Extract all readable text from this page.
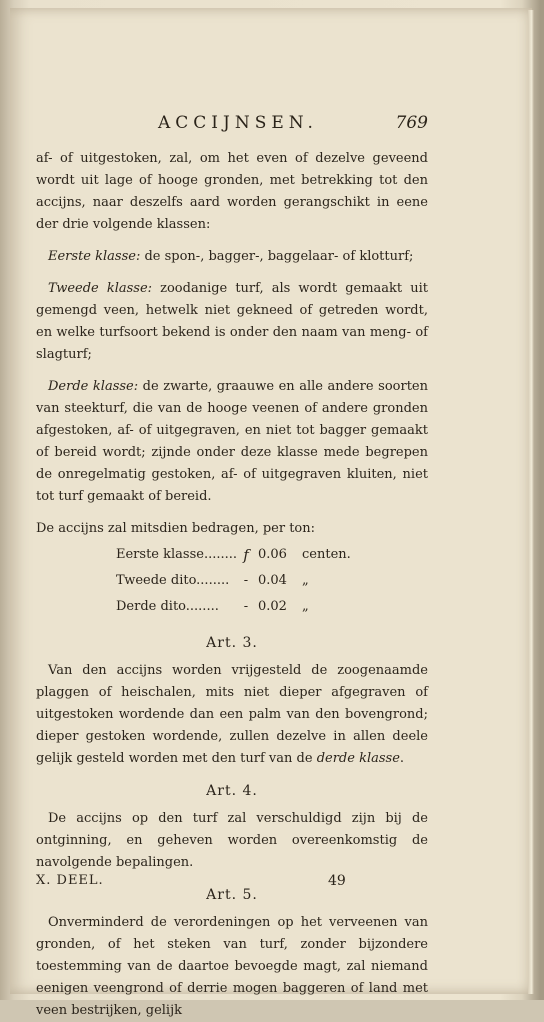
ACCIJNSEN.	769

af- of uitgestoken, zal, om het even of dezelve geveend wordt uit lage of hooge gronden, met betrekking tot den accijns, naar deszelfs aard worden gerangschikt in eene der drie volgende klassen:

Eerste klasse: de spon-, bagger-, baggelaar- of klotturf;

Tweede klasse: zoodanige turf, als wordt gemaakt uit gemengd veen, hetwelk niet gekneed of getreden wordt, en welke turfsoort bekend is onder den naam van meng- of slagturf;

Derde klasse: de zwarte, graauwe en alle andere soorten van steekturf, die van de hooge veenen of andere gronden afgestoken, af- of uitgegraven, en niet tot bagger gemaakt of bereid wordt; zijnde onder deze klasse mede begrepen de onregelmatig gestoken, af- of uitgegraven kluiten, niet tot turf gemaakt of bereid.

De accijns zal mitsdien bedragen, per ton:

Eerste klasse........ f 0.06 centen.
Tweede dito........	- 0.04 „
Derde dito........	- 0.02 „
Art. 3.

Van den accijns worden vrijgesteld de zoogenaamde plaggen of heischalen, mits niet dieper afgegraven of uitgestoken wordende dan een palm van den bovengrond; dieper gestoken wordende, zullen dezelve in allen deele gelijk gesteld worden met den turf van de derde klasse.

Art. 4.

De accijns op den turf zal verschuldigd zijn bij de ontginning, en geheven worden overeenkomstig de navolgende bepalingen.

Art. 5.

Onverminderd de verordeningen op het verveenen van gronden, of het steken van turf, zonder bijzondere toestemming van de daartoe bevoegde magt, zal niemand eenigen veengrond of derrie mogen baggeren of land met veen bestrijken, gelijk

X. DEEL.	49
